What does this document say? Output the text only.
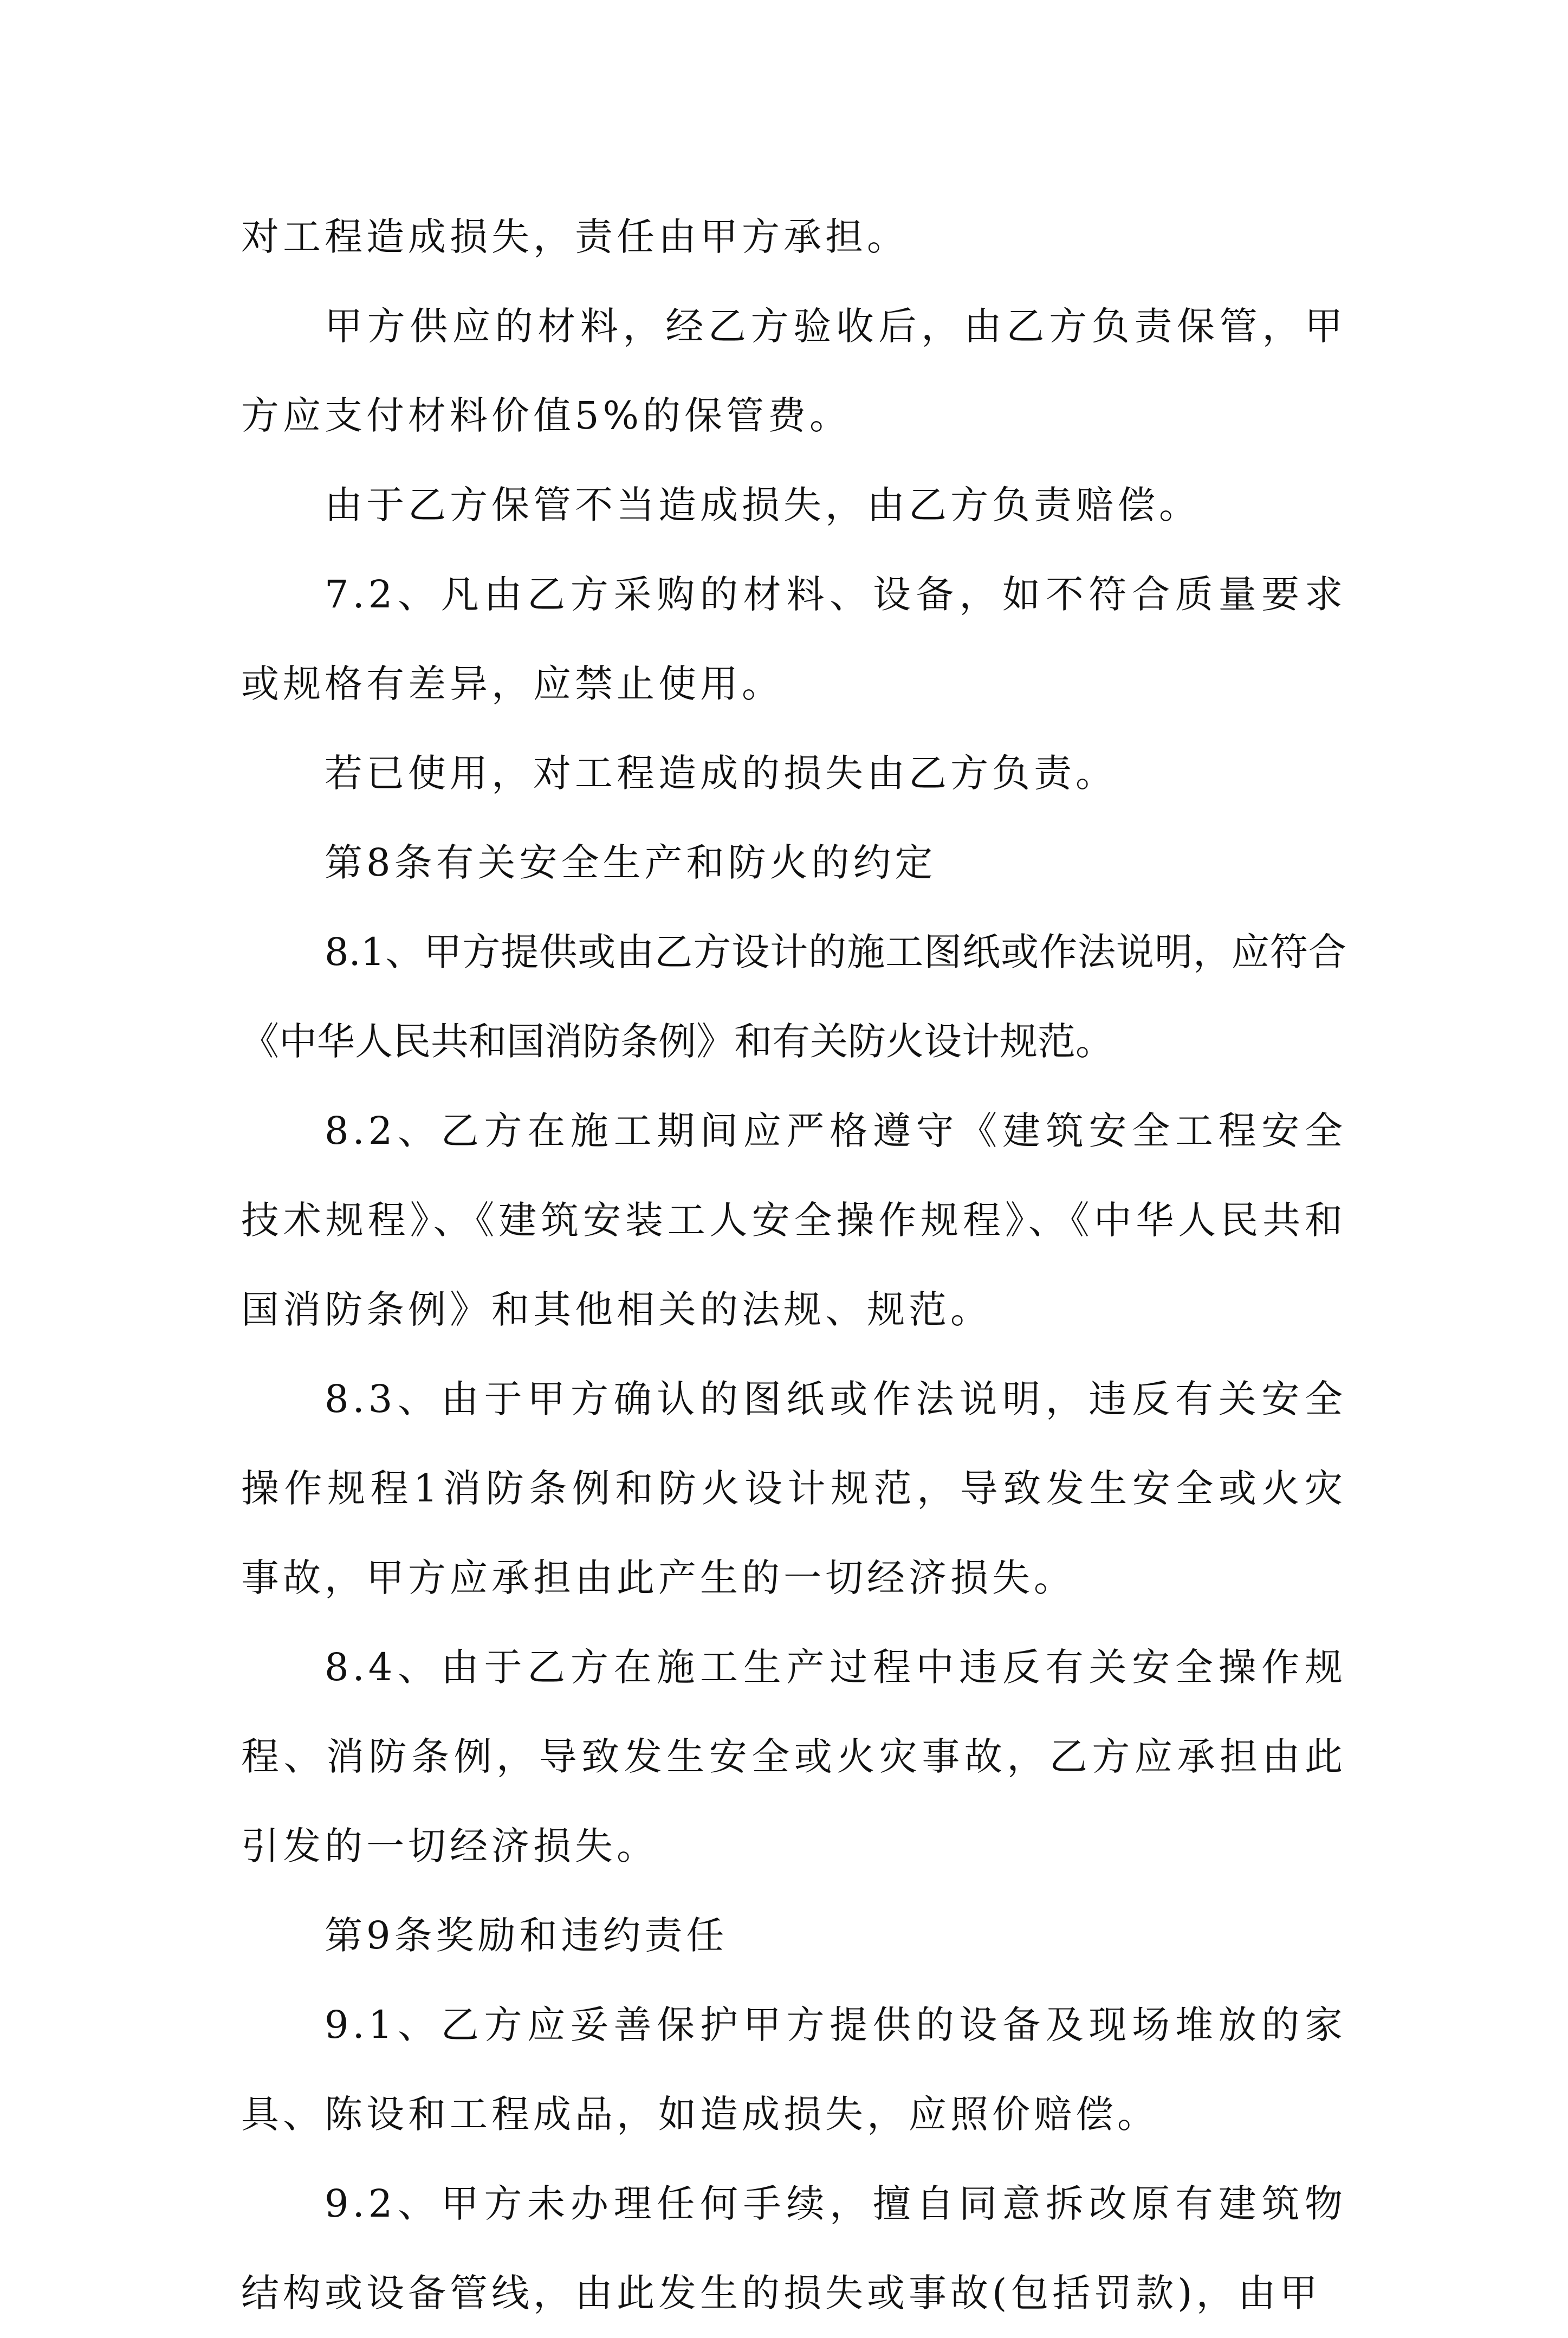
对工程造成损失，责任由甲方承担。

甲方供应的材料，经乙方验收后，由乙方负责保管，甲方应支付材料价值5%的保管费。

由于乙方保管不当造成损失，由乙方负责赔偿。

7.2、凡由乙方采购的材料、设备，如不符合质量要求或规格有差异，应禁止使用。

若已使用，对工程造成的损失由乙方负责。

第8条有关安全生产和防火的约定

8.1、甲方提供或由乙方设计的施工图纸或作法说明，应符合《中华人民共和国消防条例》和有关防火设计规范。

8.2、乙方在施工期间应严格遵守《建筑安全工程安全技术规程》、《建筑安装工人安全操作规程》、《中华人民共和国消防条例》和其他相关的法规、规范。

8.3、由于甲方确认的图纸或作法说明，违反有关安全操作规程1消防条例和防火设计规范，导致发生安全或火灾事故，甲方应承担由此产生的一切经济损失。

8.4、由于乙方在施工生产过程中违反有关安全操作规程、消防条例，导致发生安全或火灾事故，乙方应承担由此引发的一切经济损失。

第9条奖励和违约责任

9.1、乙方应妥善保护甲方提供的设备及现场堆放的家具、陈设和工程成品，如造成损失，应照价赔偿。

9.2、甲方未办理任何手续，擅自同意拆改原有建筑物结构或设备管线，由此发生的损失或事故(包括罚款)，由甲
